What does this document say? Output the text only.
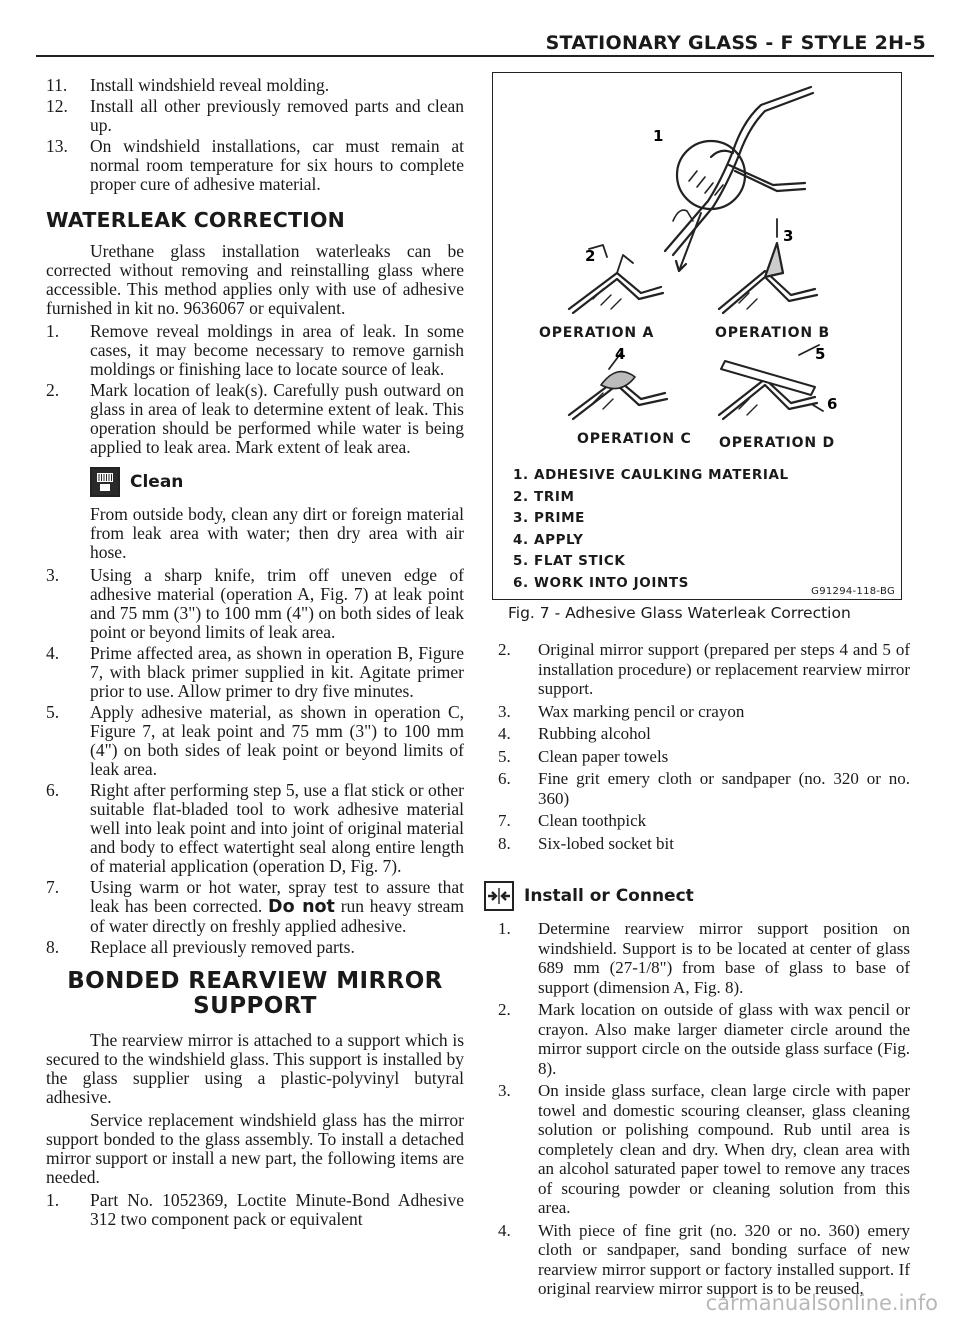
STATIONARY GLASS - F STYLE 2H-5
11.	Install windshield reveal molding.
12.	Install all other previously removed parts and clean up.
13.	On windshield installations, car must remain at normal room temperature for six hours to complete proper cure of adhesive material.
WATERLEAK CORRECTION

Urethane glass installation waterleaks can be corrected without removing and reinstalling glass where accessible. This method applies only with use of adhesive furnished in kit no. 9636067 or equivalent.

1.	Remove reveal moldings in area of leak. In some cases, it may become necessary to remove garnish moldings or finishing lace to locate source of leak.
2.	Mark location of leak(s). Carefully push outward on glass in area of leak to determine extent of leak. This operation should be performed while water is being applied to leak area. Mark extent of leak area.
Clean

From outside body, clean any dirt or foreign material from leak area with water; then dry area with air hose.

3.	Using a sharp knife, trim off uneven edge of adhesive material (operation A, Fig. 7) at leak point and 75 mm (3") to 100 mm (4") on both sides of leak point or beyond limits of leak area.
4.	Prime affected area, as shown in operation B, Figure 7, with black primer supplied in kit. Agitate primer prior to use. Allow primer to dry five minutes.
5.	Apply adhesive material, as shown in operation C, Figure 7, at leak point and 75 mm (3") to 100 mm (4") on both sides of leak point or beyond limits of leak area.
6.	Right after performing step 5, use a flat stick or other suitable flat-bladed tool to work adhesive material well into leak point and into joint of original material and body to effect watertight seal along entire length of material application (operation D, Fig. 7).
7.	Using warm or hot water, spray test to assure that leak has been corrected. Do not run heavy stream of water directly on freshly applied adhesive.
8.	Replace all previously removed parts.
BONDED REARVIEW MIRROR
SUPPORT

The rearview mirror is attached to a support which is secured to the windshield glass. This support is installed by the glass supplier using a plastic-polyvinyl butyral adhesive.

Service replacement windshield glass has the mirror support bonded to the glass assembly. To install a detached mirror support or install a new part, the following items are needed.

1.	Part No. 1052369, Loctite Minute-Bond Adhesive 312 two component pack or equivalent
1
2
3
4	5
6
OPERATION A	OPERATION B
OPERATION C OPERATION D
1. ADHESIVE CAULKING MATERIAL
2. TRIM
3. PRIME
4. APPLY
5. FLAT STICK
6. WORK INTO JOINTS
G91294-118-BG
Fig. 7 - Adhesive Glass Waterleak Correction
2.	Original mirror support (prepared per steps 4 and 5 of installation procedure) or replacement rearview mirror support.
3.	Wax marking pencil or crayon
4.	Rubbing alcohol
5.	Clean paper towels
6.	Fine grit emery cloth or sandpaper (no. 320 or no. 360)
7.	Clean toothpick
8.	Six-lobed socket bit
Install or Connect
1.	Determine rearview mirror support position on windshield. Support is to be located at center of glass 689 mm (27-1/8") from base of glass to base of support (dimension A, Fig. 8).
2.	Mark location on outside of glass with wax pencil or crayon. Also make larger diameter circle around the mirror support circle on the outside glass surface (Fig. 8).
3.	On inside glass surface, clean large circle with paper towel and domestic scouring cleanser, glass cleaning solution or polishing compound. Rub until area is completely clean and dry. When dry, clean area with an alcohol saturated paper towel to remove any traces of scouring powder or cleaning solution from this area.
4.	With piece of fine grit (no. 320 or no. 360) emery cloth or sandpaper, sand bonding surface of new rearview mirror support or factory installed support. If original rearview mirror support is to be reused,
carmanualsonline.info
